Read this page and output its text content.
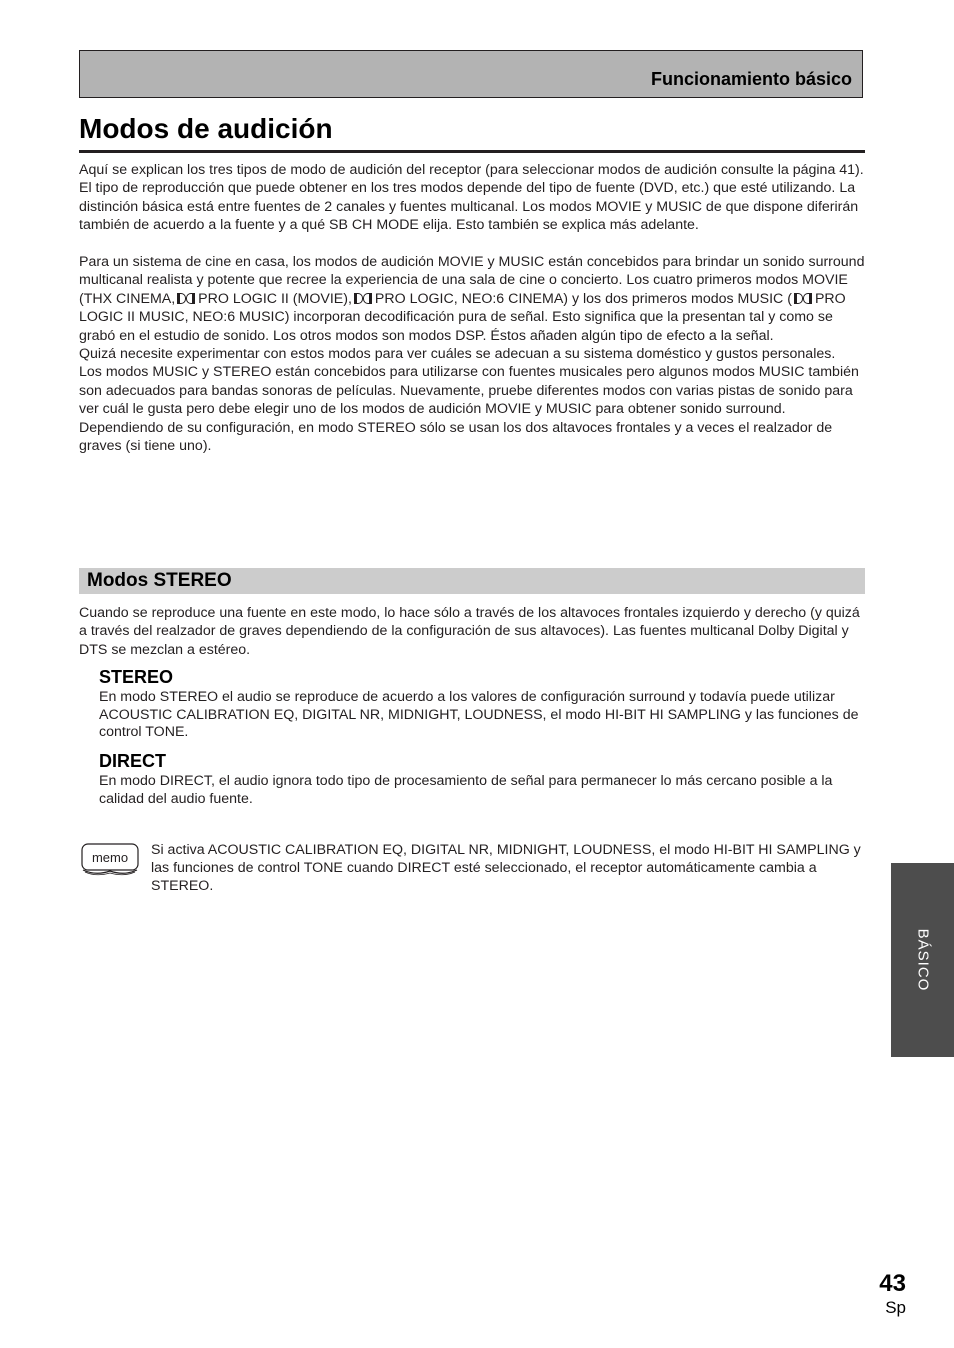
Funcionamiento básico
Modos de audición

Aquí se explican los tres tipos de modo de audición del receptor (para seleccionar modos de audición consulte la página 41).

El tipo de reproducción que puede obtener en los tres modos depende del tipo de fuente (DVD, etc.) que esté utilizando. La distinción básica está entre fuentes de 2 canales y fuentes multicanal. Los modos MOVIE y MUSIC de que dispone diferirán también de acuerdo a la fuente y a qué SB CH MODE elija. Esto también se explica más adelante.

Para un sistema de cine en casa, los modos de audición MOVIE y MUSIC están concebidos para brindar un sonido surround multicanal realista y potente que recree la experiencia de una sala de cine o concierto. Los cuatro primeros modos MOVIE (THX CINEMA, PRO LOGIC II (MOVIE), PRO LOGIC, NEO:6 CINEMA) y los dos primeros modos MUSIC ( PRO LOGIC II MUSIC, NEO:6 MUSIC) incorporan decodificación pura de señal. Esto significa que la presentan tal y como se grabó en el estudio de sonido. Los otros modos son modos DSP. Éstos añaden algún tipo de efecto a la señal.

Quizá necesite experimentar con estos modos para ver cuáles se adecuan a su sistema doméstico y gustos personales.

Los modos MUSIC y STEREO están concebidos para utilizarse con fuentes musicales pero algunos modos MUSIC también son adecuados para bandas sonoras de películas. Nuevamente, pruebe diferentes modos con varias pistas de sonido para ver cuál le gusta pero debe elegir uno de los modos de audición MOVIE y MUSIC para obtener sonido surround.

Dependiendo de su configuración, en modo STEREO sólo se usan los dos altavoces frontales y a veces el realzador de graves (si tiene uno).

Modos STEREO

Cuando se reproduce una fuente en este modo, lo hace sólo a través de los altavoces frontales izquierdo y derecho (y quizá a través del realzador de graves dependiendo de la configuración de sus altavoces). Las fuentes multicanal Dolby Digital y DTS se mezclan a estéreo.

STEREO

En modo STEREO el audio se reproduce de acuerdo a los valores de configuración surround y todavía puede utilizar ACOUSTIC CALIBRATION EQ, DIGITAL NR, MIDNIGHT, LOUDNESS, el modo HI-BIT HI SAMPLING y las funciones de control TONE.

DIRECT

En modo DIRECT, el audio ignora todo tipo de procesamiento de señal para permanecer lo más cercano posible a la calidad del audio fuente.

memo Si activa ACOUSTIC CALIBRATION EQ, DIGITAL NR, MIDNIGHT, LOUDNESS, el modo HI-BIT HI SAMPLING y las funciones de control TONE cuando DIRECT esté seleccionado, el receptor automáticamente cambia a STEREO.

BÁSICO
43
Sp
